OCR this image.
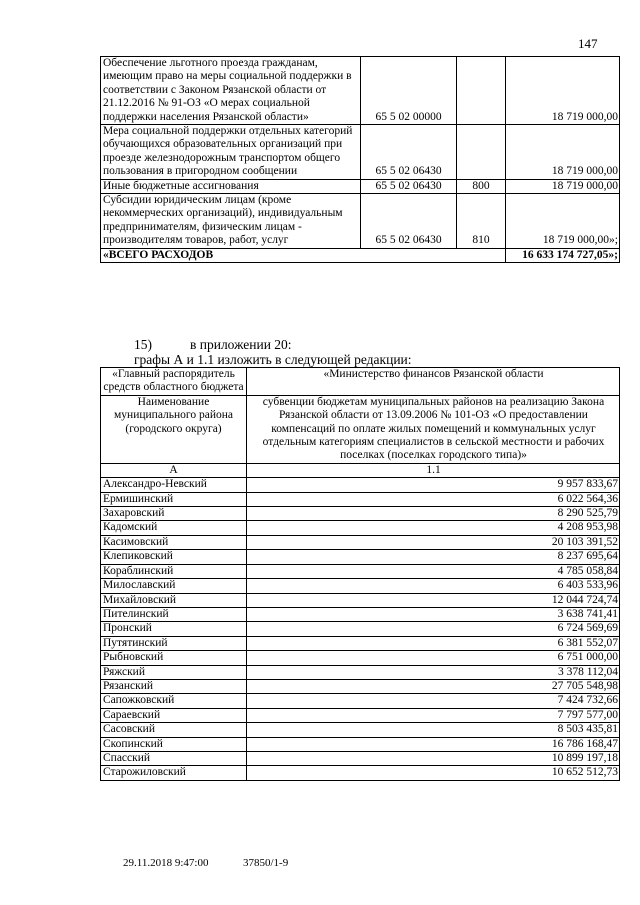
147
Обеспечение льготного проезда гражданам, имеющим право на меры социальной поддержки в соответствии с Законом Рязанской области от 21.12.2016 № 91-ОЗ «О мерах социальной поддержки населения Рязанской области»	65 5 02 00000		18 719 000,00
Мера социальной поддержки отдельных категорий обучающихся образовательных организаций при проезде железнодорожным транспортом общего пользования в пригородном сообщении	65 5 02 06430		18 719 000,00
Иные бюджетные ассигнования	65 5 02 06430	800	18 719 000,00
Субсидии юридическим лицам (кроме некоммерческих организаций), индивидуальным предпринимателям, физическим лицам - производителям товаров, работ, услуг	65 5 02 06430	810	18 719 000,00»;
«ВСЕГО РАСХОДОВ			16 633 174 727,05»;
15)	в приложении 20:
графы А и 1.1 изложить в следующей редакции:
«Главный распорядитель средств областного бюджета	«Министерство финансов Рязанской области
Наименование муниципального района (городского округа)	субвенции бюджетам муниципальных районов на реализацию Закона Рязанской области от 13.09.2006 № 101-ОЗ «О предоставлении компенсаций по оплате жилых помещений и коммунальных услуг отдельным категориям специалистов в сельской местности и рабочих поселках (поселках городского типа)»
А	1.1
Александро-Невский	9 957 833,67
Ермишинский	6 022 564,36
Захаровский	8 290 525,79
Кадомский	4 208 953,98
Касимовский	20 103 391,52
Клепиковский	8 237 695,64
Кораблинский	4 785 058,84
Милославский	6 403 533,96
Михайловский	12 044 724,74
Пителинский	3 638 741,41
Пронский	6 724 569,69
Путятинский	6 381 552,07
Рыбновский	6 751 000,00
Ряжский	3 378 112,04
Рязанский	27 705 548,98
Сапожковский	7 424 732,66
Сараевский	7 797 577,00
Сасовский	8 503 435,81
Скопинский	16 786 168,47
Спасский	10 899 197,18
Старожиловский	10 652 512,73
29.11.2018 9:47:00	37850/1-9
